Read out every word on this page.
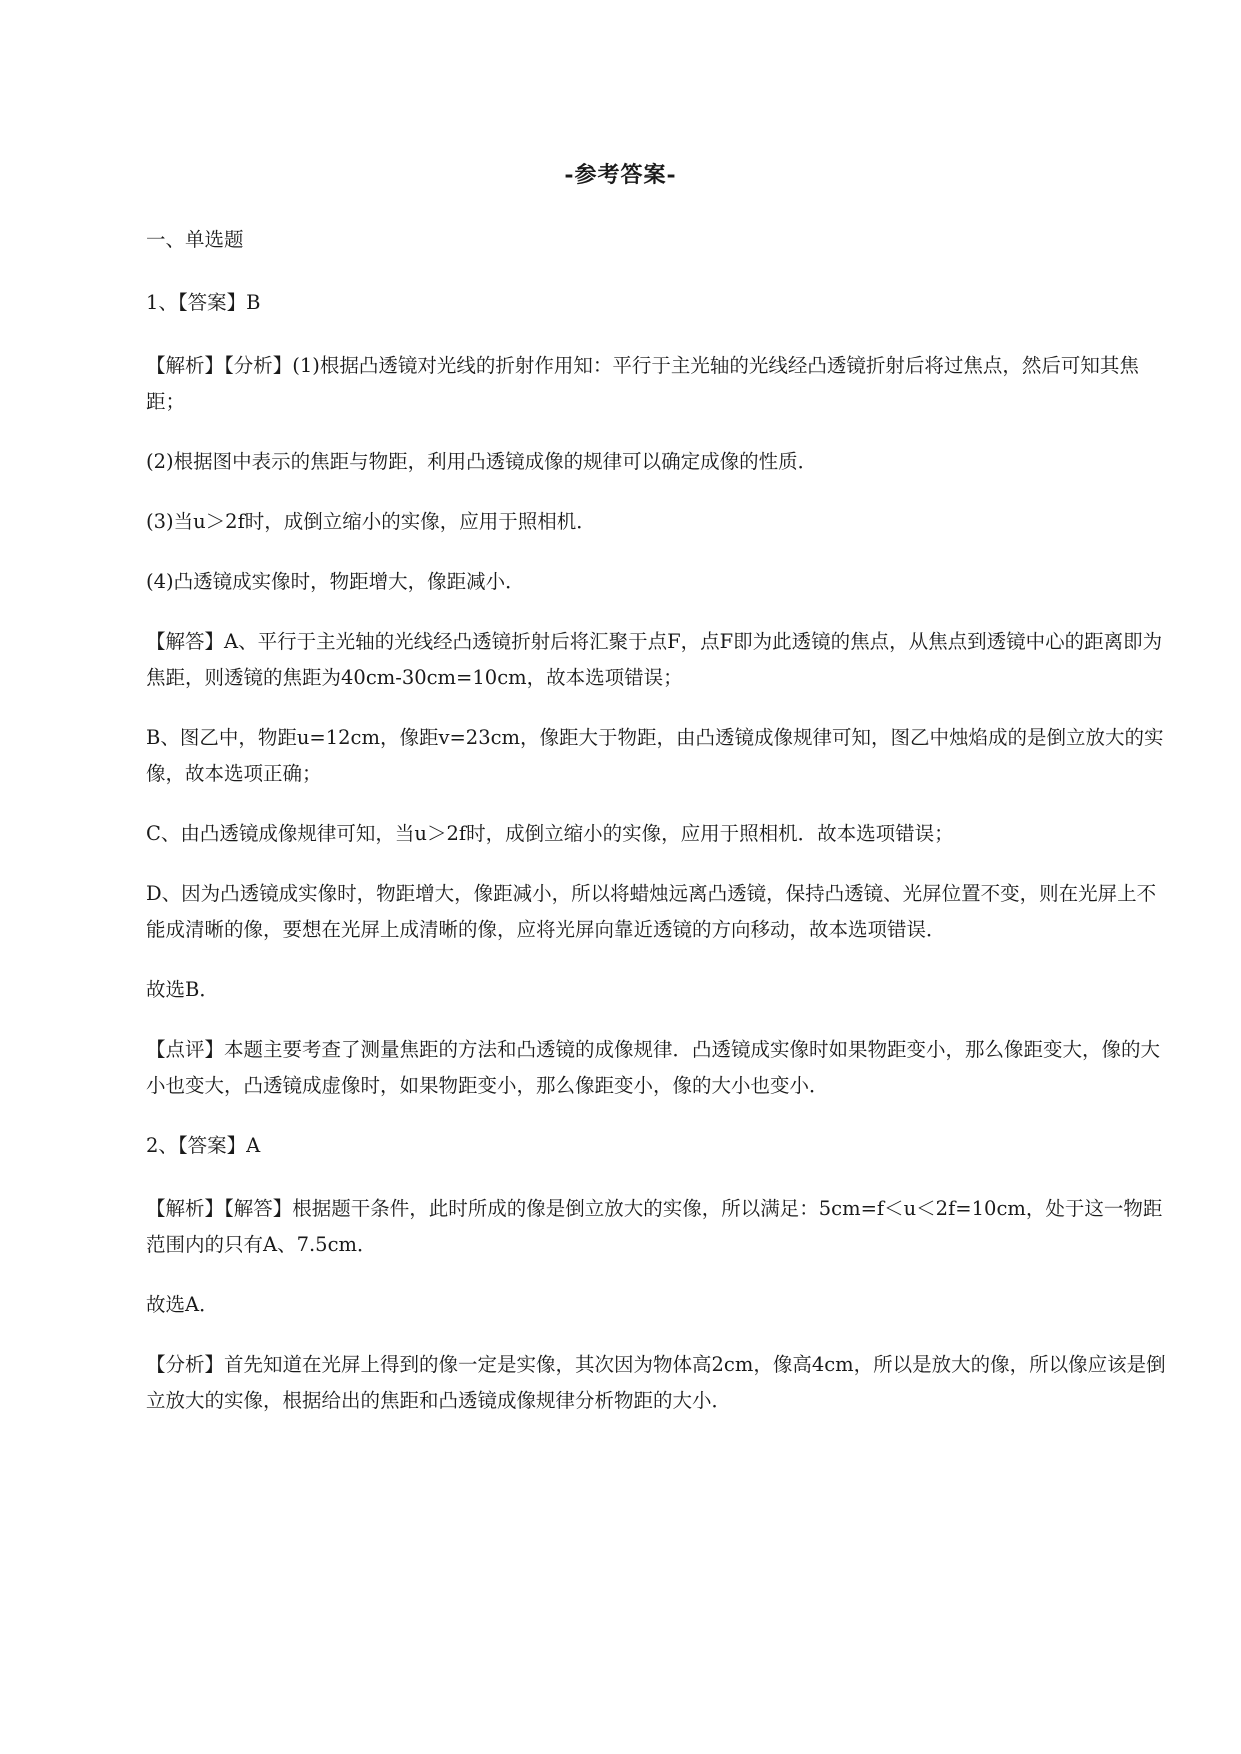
-参考答案-

一、单选题

1、【答案】B

【解析】【分析】(1)根据凸透镜对光线的折射作用知：平行于主光轴的光线经凸透镜折射后将过焦点，然后可知其焦距；

(2)根据图中表示的焦距与物距，利用凸透镜成像的规律可以确定成像的性质．

(3)当u＞2f时，成倒立缩小的实像，应用于照相机．

(4)凸透镜成实像时，物距增大，像距减小．

【解答】A、平行于主光轴的光线经凸透镜折射后将汇聚于点F，点F即为此透镜的焦点，从焦点到透镜中心的距离即为焦距，则透镜的焦距为40cm-30cm=10cm，故本选项错误；

B、图乙中，物距u=12cm，像距v=23cm，像距大于物距，由凸透镜成像规律可知，图乙中烛焰成的是倒立放大的实像，故本选项正确；

C、由凸透镜成像规律可知，当u＞2f时，成倒立缩小的实像，应用于照相机．故本选项错误；

D、因为凸透镜成实像时，物距增大，像距减小，所以将蜡烛远离凸透镜，保持凸透镜、光屏位置不变，则在光屏上不能成清晰的像，要想在光屏上成清晰的像，应将光屏向靠近透镜的方向移动，故本选项错误．

故选B．

【点评】本题主要考查了测量焦距的方法和凸透镜的成像规律．凸透镜成实像时如果物距变小，那么像距变大，像的大小也变大，凸透镜成虚像时，如果物距变小，那么像距变小，像的大小也变小．

2、【答案】A

【解析】【解答】根据题干条件，此时所成的像是倒立放大的实像，所以满足：5cm=f＜u＜2f=10cm，处于这一物距范围内的只有A、7.5cm．

故选A．

【分析】首先知道在光屏上得到的像一定是实像，其次因为物体高2cm，像高4cm，所以是放大的像，所以像应该是倒立放大的实像，根据给出的焦距和凸透镜成像规律分析物距的大小．
